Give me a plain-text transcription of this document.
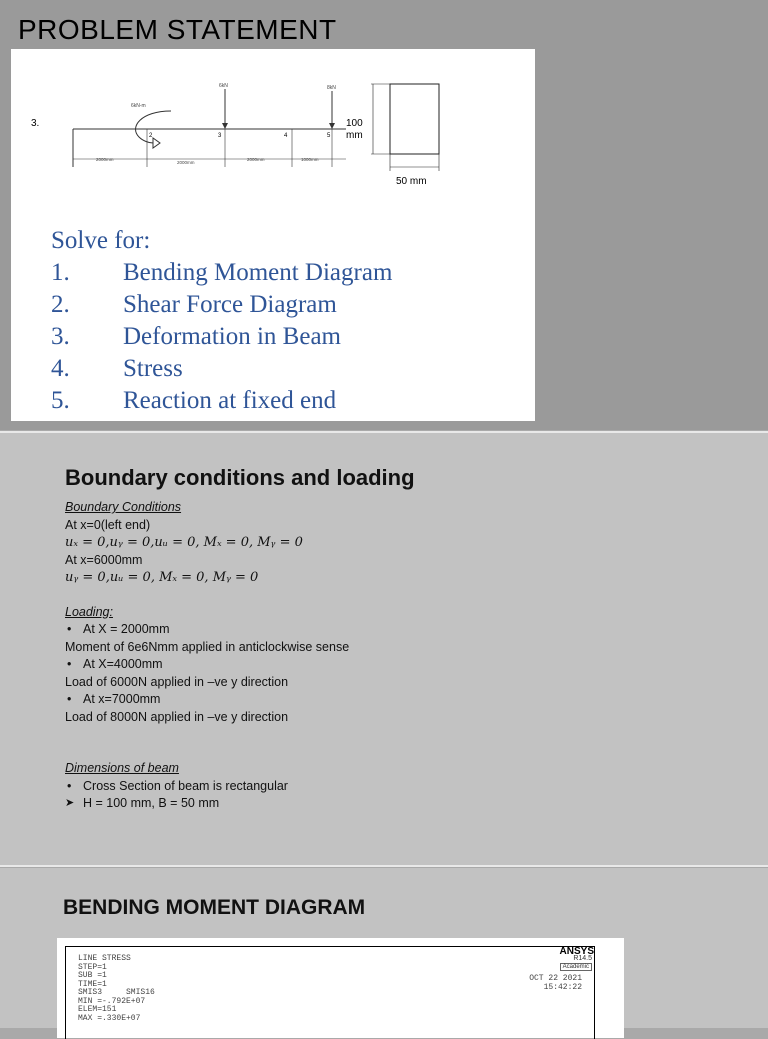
PROBLEM STATEMENT
3.
6kN	8kN
6kN-m
2	3	4	5
2000mm
2000mm
2000mm	1000mm
100
mm
50 mm
Solve for:
1. Bending Moment Diagram
2. Shear Force Diagram
3. Deformation in Beam
4. Stress
5. Reaction at fixed end
Boundary conditions and loading
Boundary Conditions
At x=0(left end)
uₓ = 0,uᵧ = 0,uᵤ = 0, Mₓ = 0, Mᵧ = 0
At x=6000mm
uᵧ = 0,uᵤ = 0, Mₓ = 0, Mᵧ = 0
Loading:
• At X = 2000mm
Moment of 6e6Nmm applied in anticlockwise sense
• At X=4000mm
Load of 6000N applied in –ve y direction
• At x=7000mm
Load of 8000N applied in –ve y direction
Dimensions of beam
• Cross Section of beam is rectangular
➤ H = 100 mm, B = 50 mm
BENDING MOMENT DIAGRAM
LINE STRESS
STEP=1
SUB =1
TIME=1
SMIS3     SMIS16
MIN =-.792E+07
ELEM=151
MAX =.330E+07
OCT 22 2021
15:42:22
ANSYS
R14.5
Academic
